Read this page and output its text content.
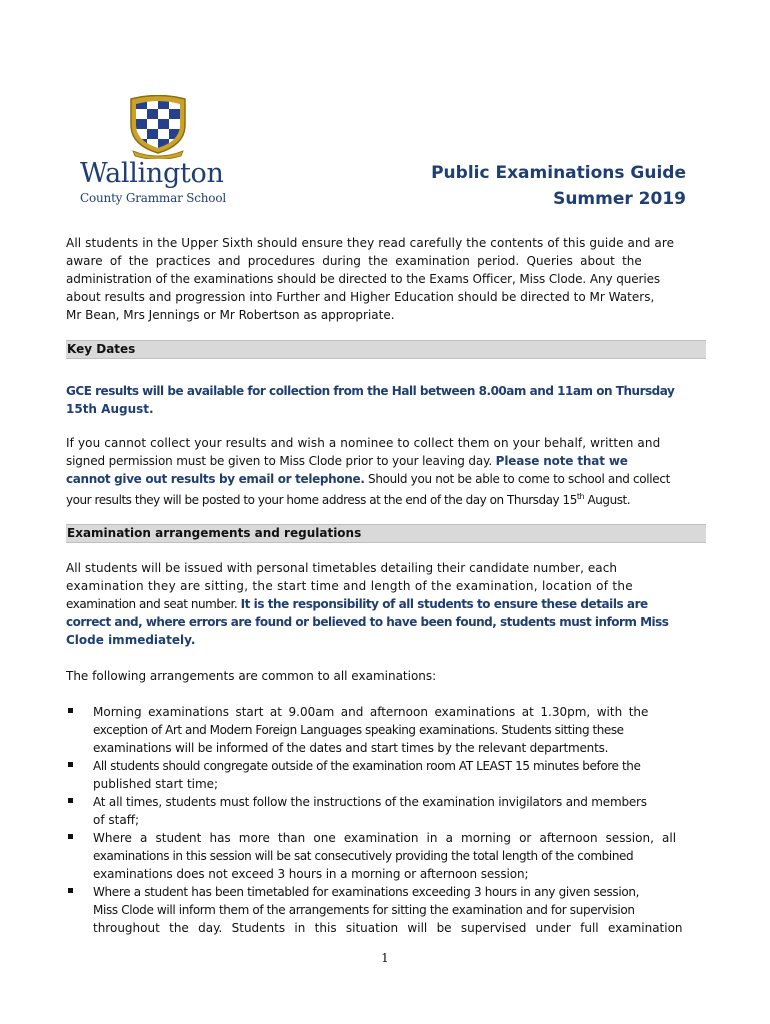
Wallington
County Grammar School
Public Examinations Guide
Summer 2019

All students in the Upper Sixth should ensure they read carefully the contents of this guide and are
aware of the practices and procedures during the examination period. Queries about the
administration of the examinations should be directed to the Exams Officer, Miss Clode. Any queries
about results and progression into Further and Higher Education should be directed to Mr Waters,
Mr Bean, Mrs Jennings or Mr Robertson as appropriate.

Key Dates

GCE results will be available for collection from the Hall between 8.00am and 11am on Thursday
15th August.

If you cannot collect your results and wish a nominee to collect them on your behalf, written and
signed permission must be given to Miss Clode prior to your leaving day. Please note that we
cannot give out results by email or telephone. Should you not be able to come to school and collect
your results they will be posted to your home address at the end of the day on Thursday 15th August.

Examination arrangements and regulations

All students will be issued with personal timetables detailing their candidate number, each
examination they are sitting, the start time and length of the examination, location of the
examination and seat number. It is the responsibility of all students to ensure these details are
correct and, where errors are found or believed to have been found, students must inform Miss
Clode immediately.

The following arrangements are common to all examinations:

Morning examinations start at 9.00am and afternoon examinations at 1.30pm, with the
exception of Art and Modern Foreign Languages speaking examinations. Students sitting these
examinations will be informed of the dates and start times by the relevant departments.
All students should congregate outside of the examination room AT LEAST 15 minutes before the
published start time;
At all times, students must follow the instructions of the examination invigilators and members
of staff;
Where a student has more than one examination in a morning or afternoon session, all
examinations in this session will be sat consecutively providing the total length of the combined
examinations does not exceed 3 hours in a morning or afternoon session;
Where a student has been timetabled for examinations exceeding 3 hours in any given session,
Miss Clode will inform them of the arrangements for sitting the examination and for supervision
throughout the day. Students in this situation will be supervised under full examination
1
